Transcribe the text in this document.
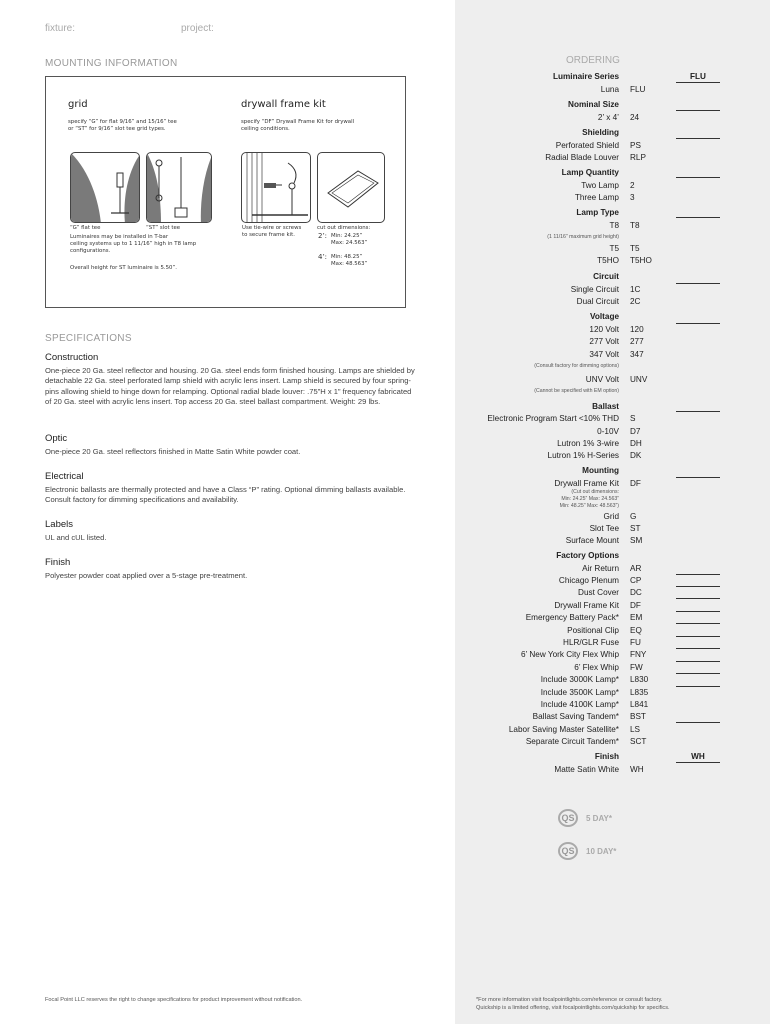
fixture:	project:
MOUNTING INFORMATION
grid	drywall frame kit
specify “G” for flat 9/16” and 15/16” tee
or “ST” for 9/16” slot tee grid types.
specify “DF” Drywall Frame Kit for drywall
ceiling conditions.
“G” flat tee	“ST” slot tee
Luminaires may be installed in T-bar
ceiling systems up to 1 11/16” high in T8 lamp
configurations.
Overall height for ST luminaire is 5.50”.
Use tie-wire or screws
to secure frame kit.
cut out dimensions:
2’: Min: 24.25”
Max: 24.563”
4’: Min: 48.25”
Max: 48.563”
SPECIFICATIONS
Construction
One-piece 20 Ga. steel reflector and housing. 20 Ga. steel ends form finished housing. Lamps are shielded by detachable 22 Ga. steel perforated lamp shield with acrylic lens insert. Lamp shield is secured by four spring-pins allowing shield to hinge down for relamping. Optional radial blade louver: .75”H x 1” frequency fabricated of 20 Ga. steel with acrylic lens insert. Top access 20 Ga. steel ballast compartment. Weight: 29 lbs.
Optic
One-piece 20 Ga. steel reflectors finished in Matte Satin White powder coat.
Electrical
Electronic ballasts are thermally protected and have a Class “P” rating. Optional dimming ballasts available. Consult factory for dimming specifications and availability.
Labels
UL and cUL listed.
Finish
Polyester powder coat applied over a 5-stage pre-treatment.
ORDERING
Luminaire Series	FLU
Luna FLU
Nominal Size
2’ x 4’ 24
Shielding
Perforated Shield PS
Radial Blade Louver RLP
Lamp Quantity
Two Lamp 2
Three Lamp 3
Lamp Type
T8 T8
(1 11/16” maximum grid height)
T5 T5
T5HO T5HO
Circuit
Single Circuit 1C
Dual Circuit 2C
Voltage
120 Volt 120
277 Volt 277
347 Volt 347
(Consult factory for dimming options)
UNV Volt UNV
(Cannot be specified with EM option)
Ballast
Electronic Program Start <10% THD S
0-10V D7
Lutron 1% 3-wire DH
Lutron 1% H-Series DK
Mounting
Drywall Frame Kit DF
(Cut out dimensions:
Min: 24.25” Max: 24.563”
Min: 48.25” Max: 48.563”)
Grid G
Slot Tee ST
Surface Mount SM
Factory Options
Air Return AR
Chicago Plenum CP
Dust Cover DC
Drywall Frame Kit DF
Emergency Battery Pack* EM
Positional Clip EQ
HLR/GLR Fuse FU
6’ New York City Flex Whip FNY
6’ Flex Whip FW
Include 3000K Lamp* L830
Include 3500K Lamp* L835
Include 4100K Lamp* L841
Ballast Saving Tandem* BST
Labor Saving Master Satellite* LS
Separate Circuit Tandem* SCT
Finish	WH
Matte Satin White WH
QS	5 DAY*
QS	10 DAY*
Focal Point LLC reserves the right to change specifications for product improvement without notification.	*For more information visit focalpointlights.com/reference or consult factory.
Quickship is a limited offering, visit focalpointlights.com/quickship for specifics.
